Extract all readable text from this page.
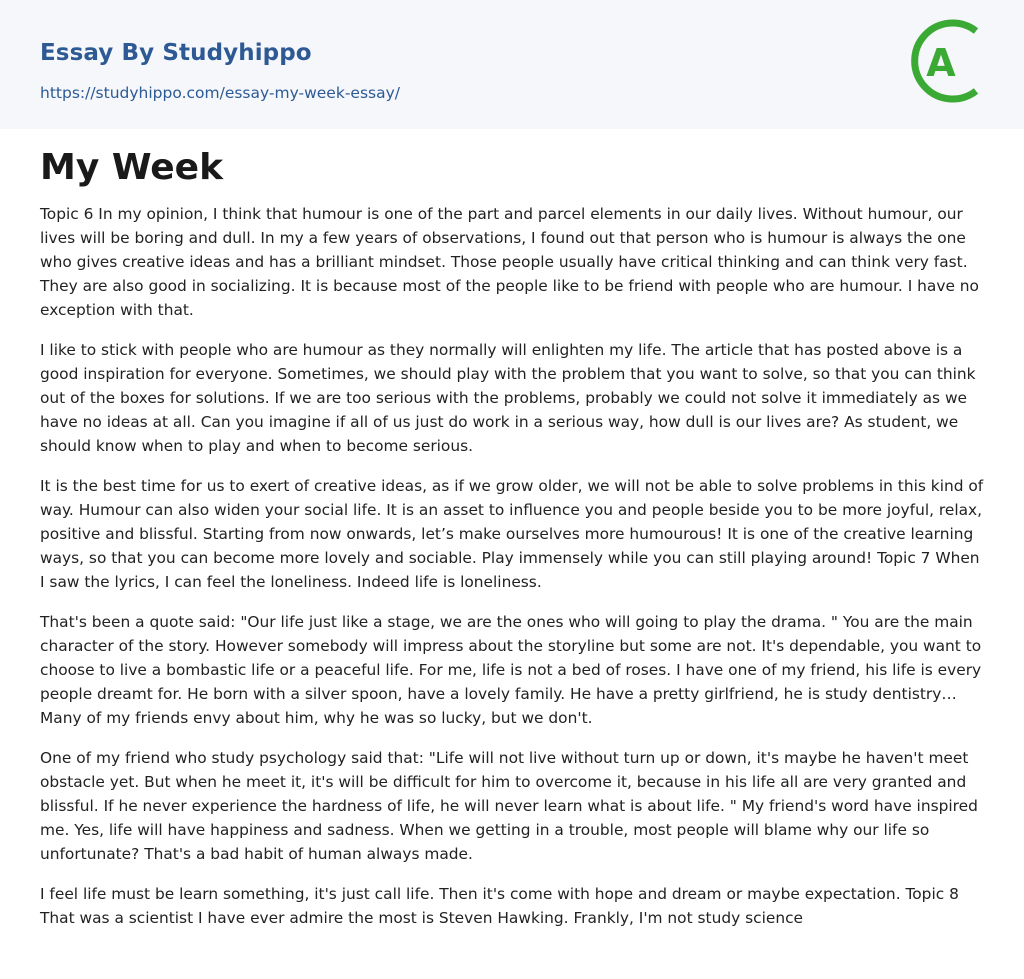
Essay By Studyhippo
https://studyhippo.com/essay-my-week-essay/
A
My Week

Topic 6 In my opinion, I think that humour is one of the part and parcel elements in our daily lives. Without humour, our lives will be boring and dull. In my a few years of observations, I found out that person who is humour is always the one who gives creative ideas and has a brilliant mindset. Those people usually have critical thinking and can think very fast. They are also good in socializing. It is because most of the people like to be friend with people who are humour. I have no exception with that.

I like to stick with people who are humour as they normally will enlighten my life. The article that has posted above is a good inspiration for everyone. Sometimes, we should play with the problem that you want to solve, so that you can think out of the boxes for solutions. If we are too serious with the problems, probably we could not solve it immediately as we have no ideas at all. Can you imagine if all of us just do work in a serious way, how dull is our lives are? As student, we should know when to play and when to become serious.

It is the best time for us to exert of creative ideas, as if we grow older, we will not be able to solve problems in this kind of way. Humour can also widen your social life. It is an asset to influence you and people beside you to be more joyful, relax, positive and blissful. Starting from now onwards, let’s make ourselves more humourous! It is one of the creative learning ways, so that you can become more lovely and sociable. Play immensely while you can still playing around! Topic 7 When I saw the lyrics, I can feel the loneliness. Indeed life is loneliness.

That's been a quote said: "Our life just like a stage, we are the ones who will going to play the drama. " You are the main character of the story. However somebody will impress about the storyline but some are not. It's dependable, you want to choose to live a bombastic life or a peaceful life. For me, life is not a bed of roses. I have one of my friend, his life is every people dreamt for. He born with a silver spoon, have a lovely family. He have a pretty girlfriend, he is study dentistry… Many of my friends envy about him, why he was so lucky, but we don't.

One of my friend who study psychology said that: "Life will not live without turn up or down, it's maybe he haven't meet obstacle yet. But when he meet it, it's will be difficult for him to overcome it, because in his life all are very granted and blissful. If he never experience the hardness of life, he will never learn what is about life. " My friend's word have inspired me. Yes, life will have happiness and sadness. When we getting in a trouble, most people will blame why our life so unfortunate? That's a bad habit of human always made.

I feel life must be learn something, it's just call life. Then it's come with hope and dream or maybe expectation. Topic 8 That was a scientist I have ever admire the most is Steven Hawking. Frankly, I'm not study science
